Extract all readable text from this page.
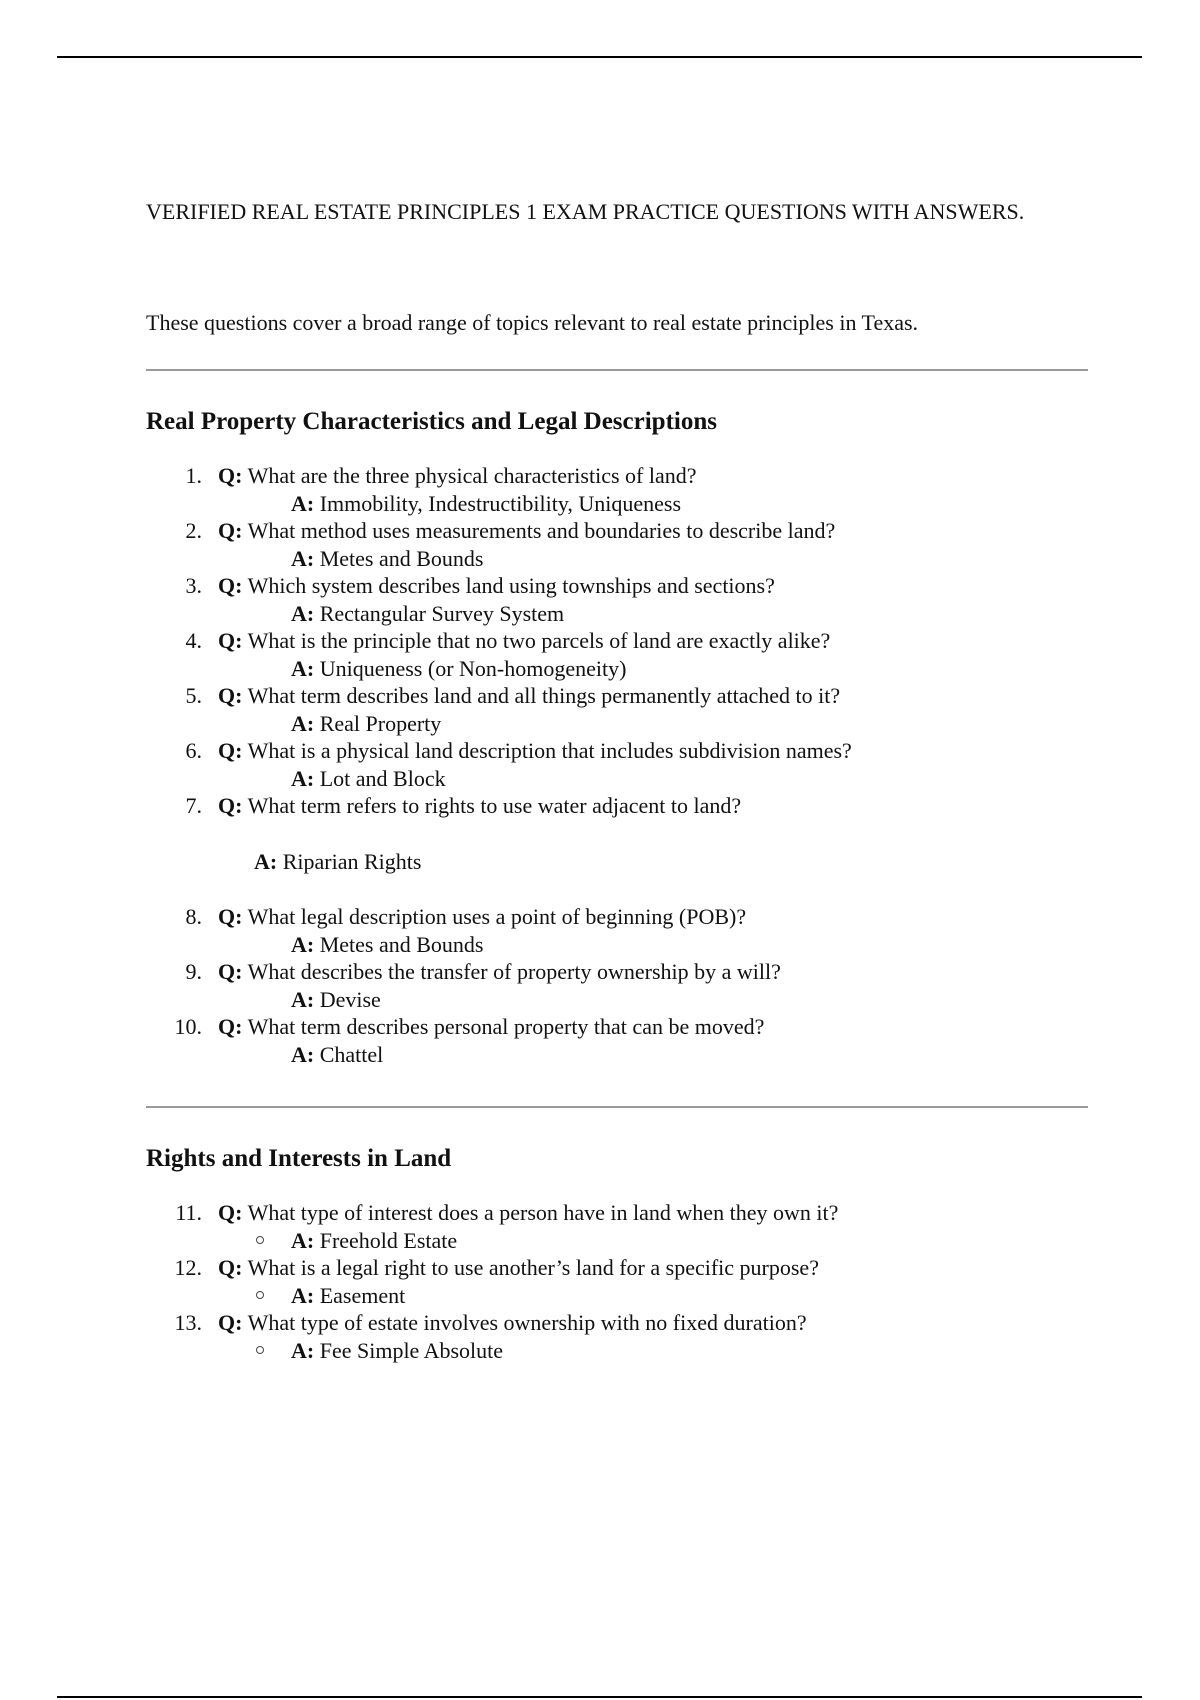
VERIFIED REAL ESTATE PRINCIPLES 1 EXAM PRACTICE QUESTIONS WITH ANSWERS.

These questions cover a broad range of topics relevant to real estate principles in Texas.

Real Property Characteristics and Legal Descriptions
1. Q: What are the three physical characteristics of land?
A: Immobility, Indestructibility, Uniqueness
2. Q: What method uses measurements and boundaries to describe land?
A: Metes and Bounds
3. Q: Which system describes land using townships and sections?
A: Rectangular Survey System
4. Q: What is the principle that no two parcels of land are exactly alike?
A: Uniqueness (or Non-homogeneity)
5. Q: What term describes land and all things permanently attached to it?
A: Real Property
6. Q: What is a physical land description that includes subdivision names?
A: Lot and Block
7. Q: What term refers to rights to use water adjacent to land?
A: Riparian Rights
8. Q: What legal description uses a point of beginning (POB)?
A: Metes and Bounds
9. Q: What describes the transfer of property ownership by a will?
A: Devise
10. Q: What term describes personal property that can be moved?
A: Chattel
Rights and Interests in Land
11. Q: What type of interest does a person have in land when they own it?
A: Freehold Estate
12. Q: What is a legal right to use another’s land for a specific purpose?
A: Easement
13. Q: What type of estate involves ownership with no fixed duration?
A: Fee Simple Absolute
